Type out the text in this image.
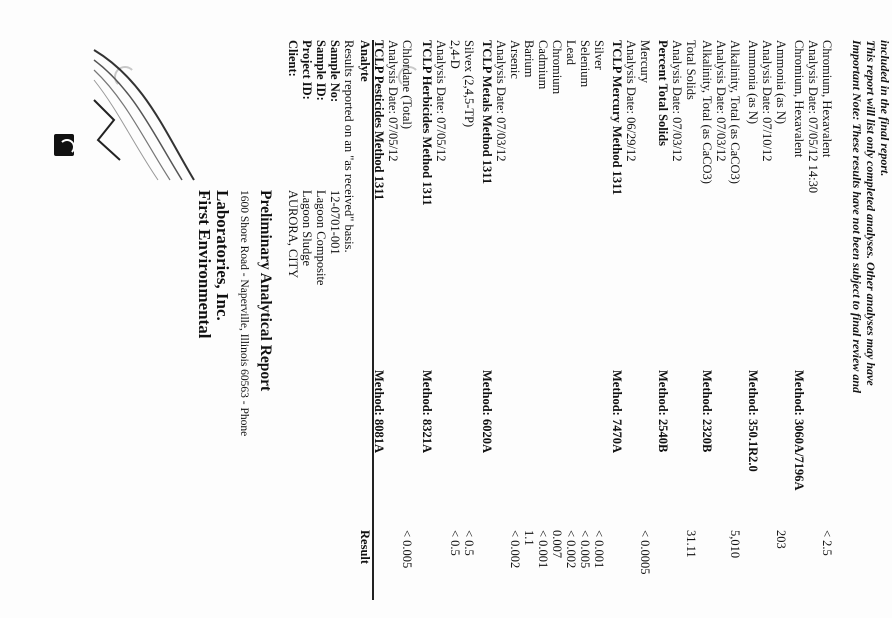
First Environmental Laboratories, Inc. 1600 Shore Road - Naperville, Illinois 60563 - Phone Preliminary Analytical Report
Client:
AURORA, CITY
Project ID:
Lagoon Sludge
Sample ID:
Lagoon Composite
Sample No:
12-0701-001 Results reported on an "as received" basis. Analyte
Result
TCLP Pesticides Method 1311
Method: 8081A
Analysis Date: 07/05/12 Chlordane (Total)
< 0.005
TCLP Herbicides Method 1311
Method: 8321A
Analysis Date: 07/05/12 2,4-D
< 0.5
Silvex (2,4,5-TP)
< 0.5
TCLP Metals Method 1311
Method: 6020A
Analysis Date: 07/03/12 Arsenic
< 0.002
Barium
1.1
Cadmium
< 0.001
Chromium
0.007
Lead
< 0.002
Selenium
< 0.005
Silver
< 0.001
TCLP Mercury Method 1311
Method: 7470A
Analysis Date: 06/29/12 Mercury
< 0.0005
Percent Total Solids
Method: 2540B
Analysis Date: 07/03/12 Total Solids
31.11
Alkalinity, Total (as CaCO3)
Method: 2320B
Analysis Date: 07/03/12 Alkalinity, Total (as CaCO3)
5,010
Ammonia (as N)
Method: 350.1R2.0
Analysis Date: 07/10/12 Ammonia (as N)
203
Chromium, Hexavalent
Method: 3060A/7196A
Analysis Date: 07/05/12 14:30 Chromium, Hexavalent
< 2.5
Important Note: These results have not been subject to final review and This report will list only completed analyses. Other analyses may have included in the final report.
